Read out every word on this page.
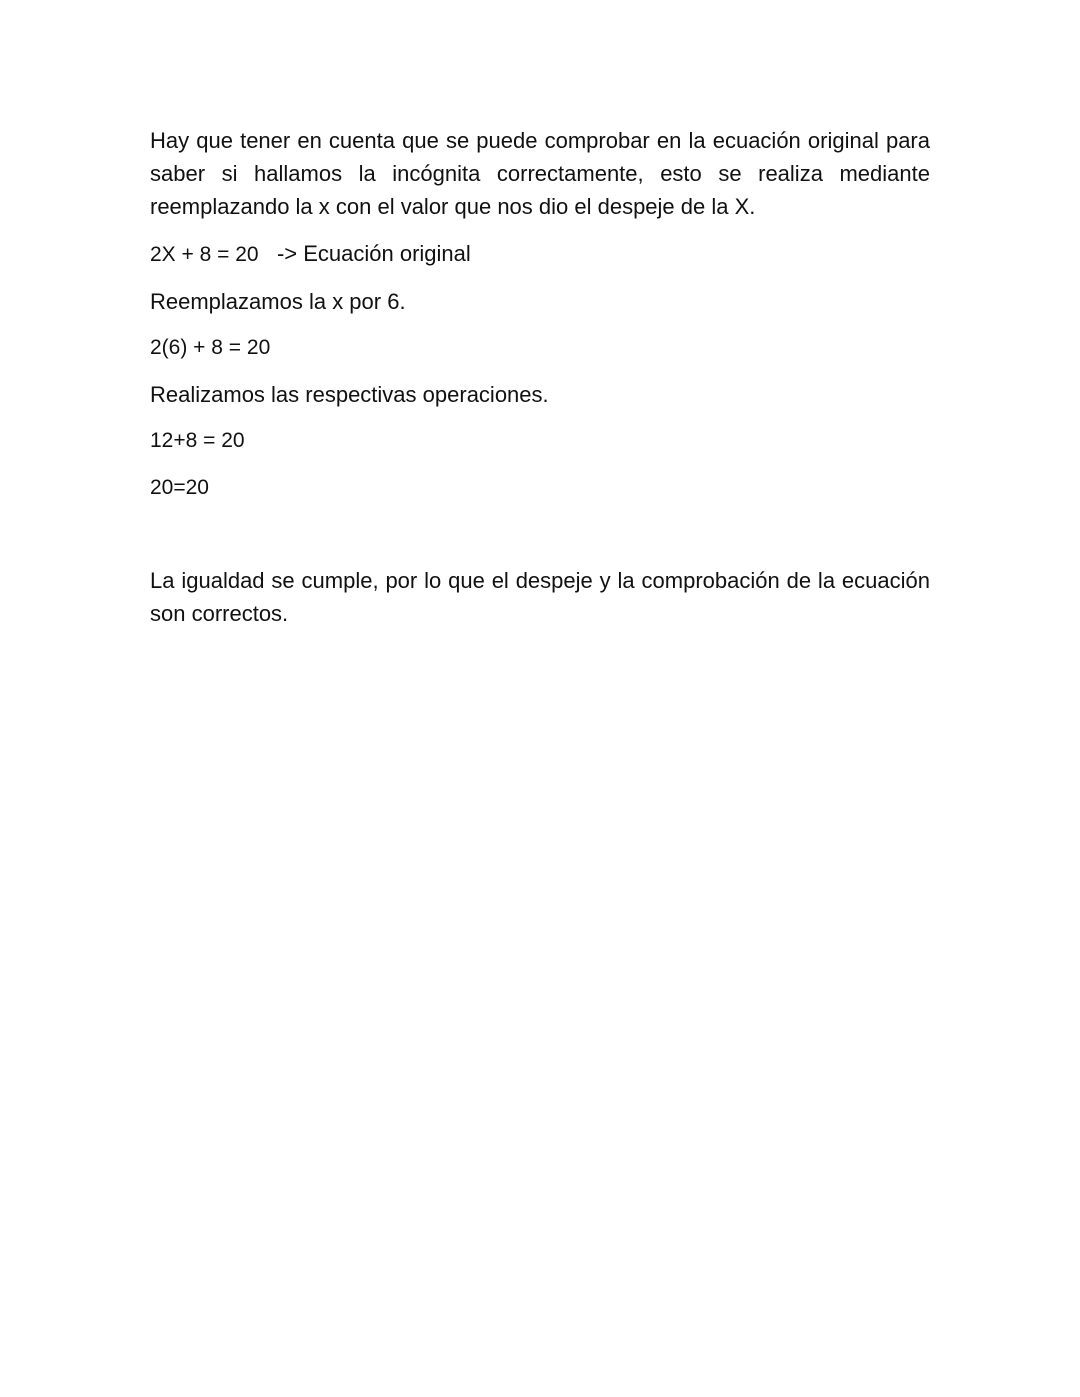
Hay que tener en cuenta que se puede comprobar en la ecuación original para saber si hallamos la incógnita correctamente, esto se realiza mediante reemplazando la x con el valor que nos dio el despeje de la X.

2X + 8 = 20 -> Ecuación original

Reemplazamos la x por 6.

2(6) + 8 = 20

Realizamos las respectivas operaciones.

12+8 = 20

20=20

La igualdad se cumple, por lo que el despeje y la comprobación de la ecuación son correctos.
